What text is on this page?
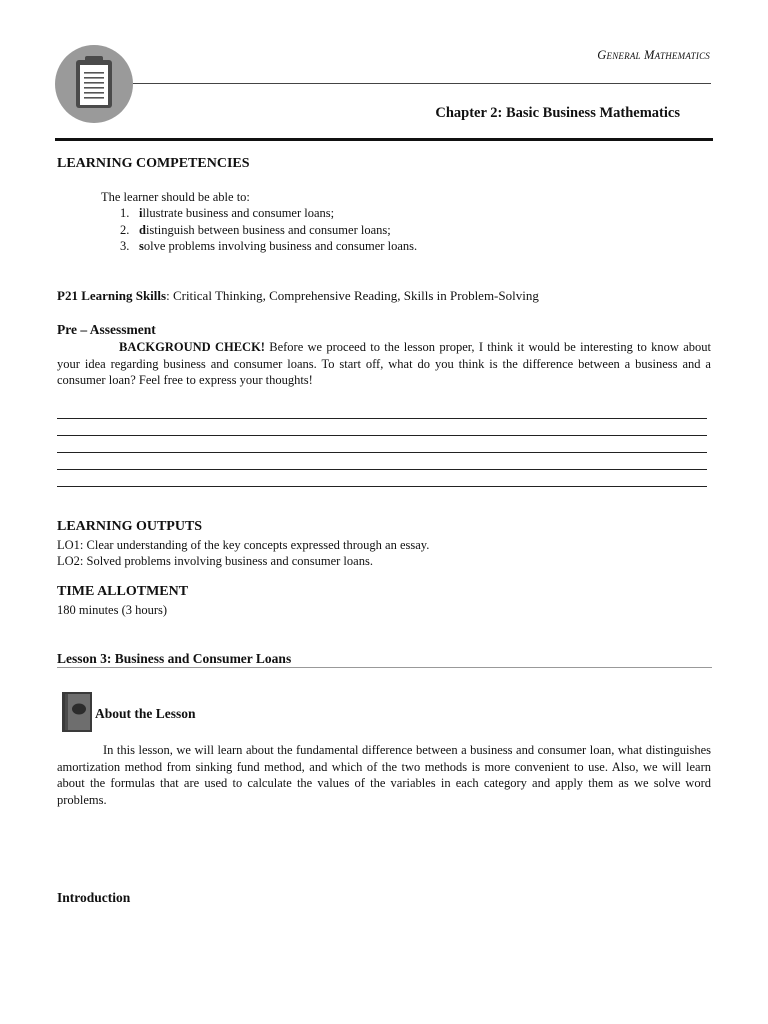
General Mathematics
Chapter 2: Basic Business Mathematics
LEARNING COMPETENCIES
The learner should be able to:
1. illustrate business and consumer loans;
2. distinguish between business and consumer loans;
3. solve problems involving business and consumer loans.
P21 Learning Skills: Critical Thinking, Comprehensive Reading, Skills in Problem-Solving
Pre – Assessment
BACKGROUND CHECK! Before we proceed to the lesson proper, I think it would be interesting to know about your idea regarding business and consumer loans. To start off, what do you think is the difference between a business and a consumer loan? Feel free to express your thoughts!
LEARNING OUTPUTS
LO1: Clear understanding of the key concepts expressed through an essay.
LO2: Solved problems involving business and consumer loans.
TIME ALLOTMENT
180 minutes (3 hours)
Lesson 3: Business and Consumer Loans
About the Lesson
In this lesson, we will learn about the fundamental difference between a business and consumer loan, what distinguishes amortization method from sinking fund method, and which of the two methods is more convenient to use. Also, we will learn about the formulas that are used to calculate the values of the variables in each category and apply them as we solve word problems.
Introduction
